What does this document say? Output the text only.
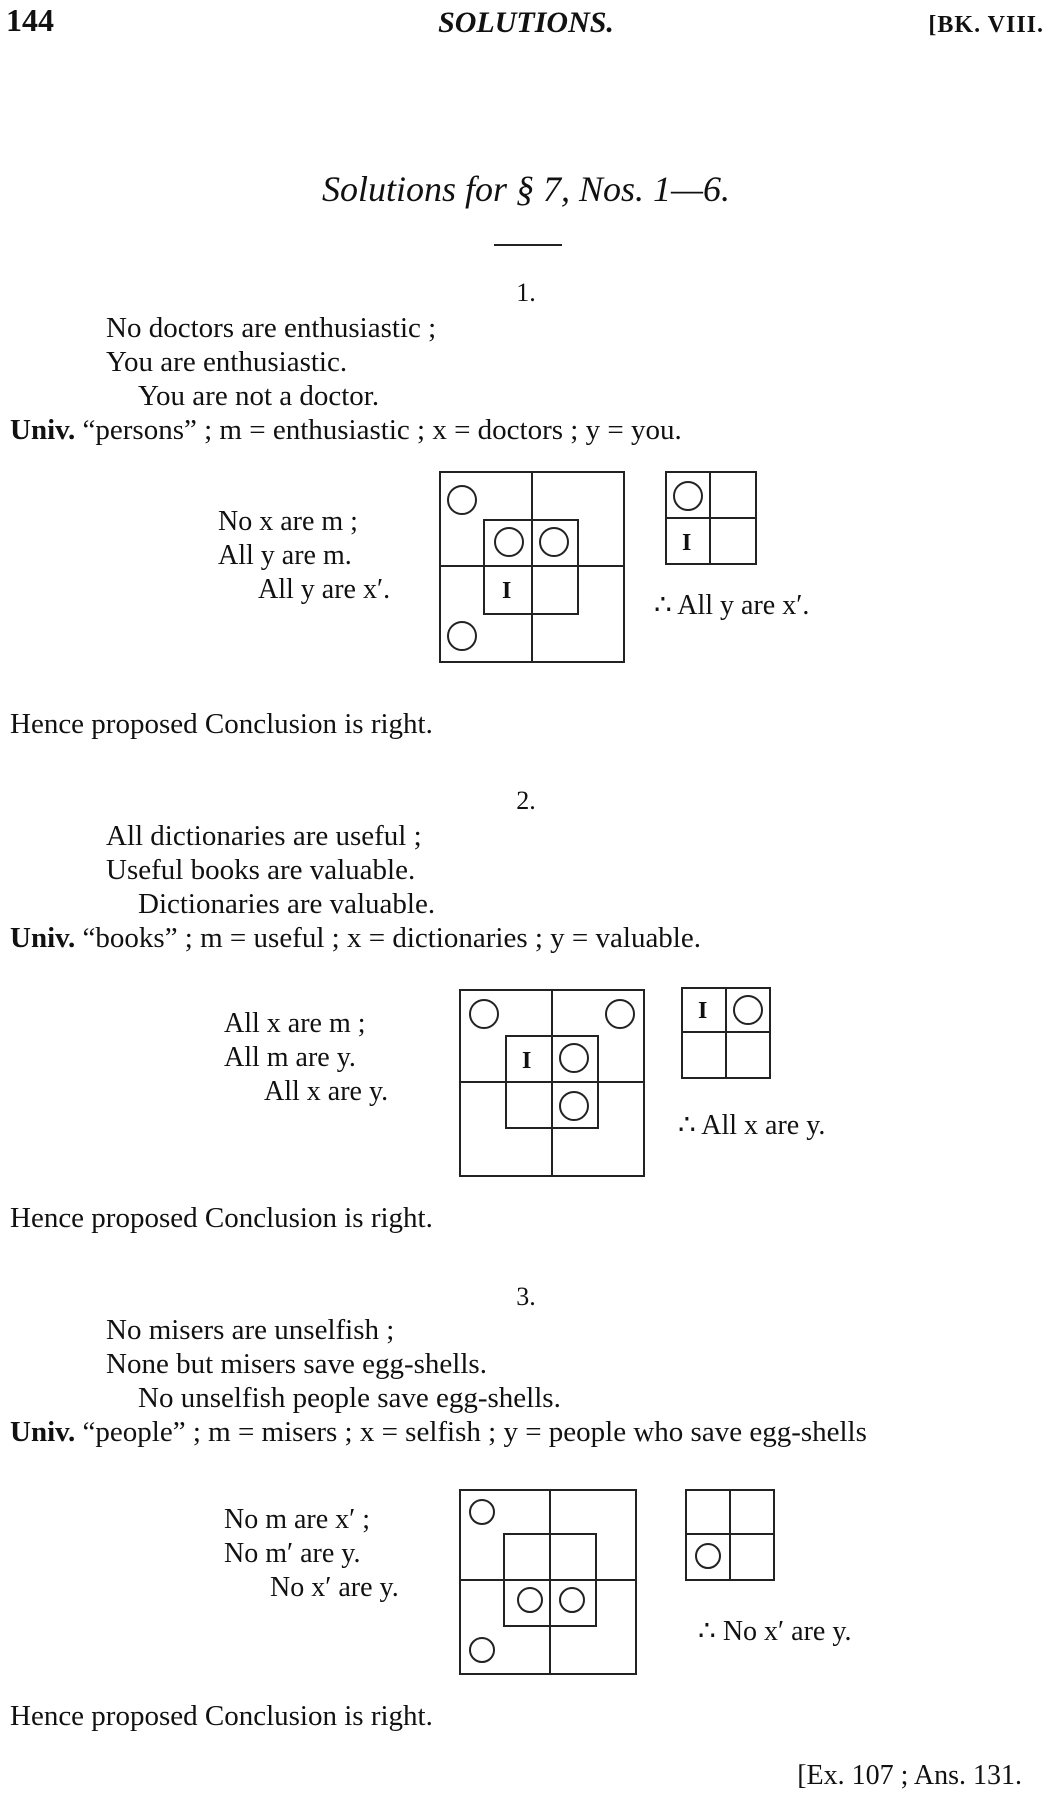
144	SOLUTIONS.	[BK. VIII.
Solutions for § 7, Nos. 1—6.
1.
No doctors are enthusiastic ;
You are enthusiastic.
You are not a doctor.
Univ. “persons” ; m = enthusiastic ; x = doctors ; y = you.
No x are m ;
All y are m.
All y are x′.	I
I
∴ All y are x′.
Hence proposed Conclusion is right.
2.
All dictionaries are useful ;
Useful books are valuable.
Dictionaries are valuable.
Univ. “books” ; m = useful ; x = dictionaries ; y = valuable.
All x are m ;
All m are y.
All x are y.
I
I
∴ All x are y.
Hence proposed Conclusion is right.
3.
No misers are unselfish ;
None but misers save egg-shells.
No unselfish people save egg-shells.
Univ. “people” ; m = misers ; x = selfish ; y = people who save egg-shells
No m are x′ ;
No m′ are y.
No x′ are y.
∴ No x′ are y.
Hence proposed Conclusion is right.
[Ex. 107 ; Ans. 131.
